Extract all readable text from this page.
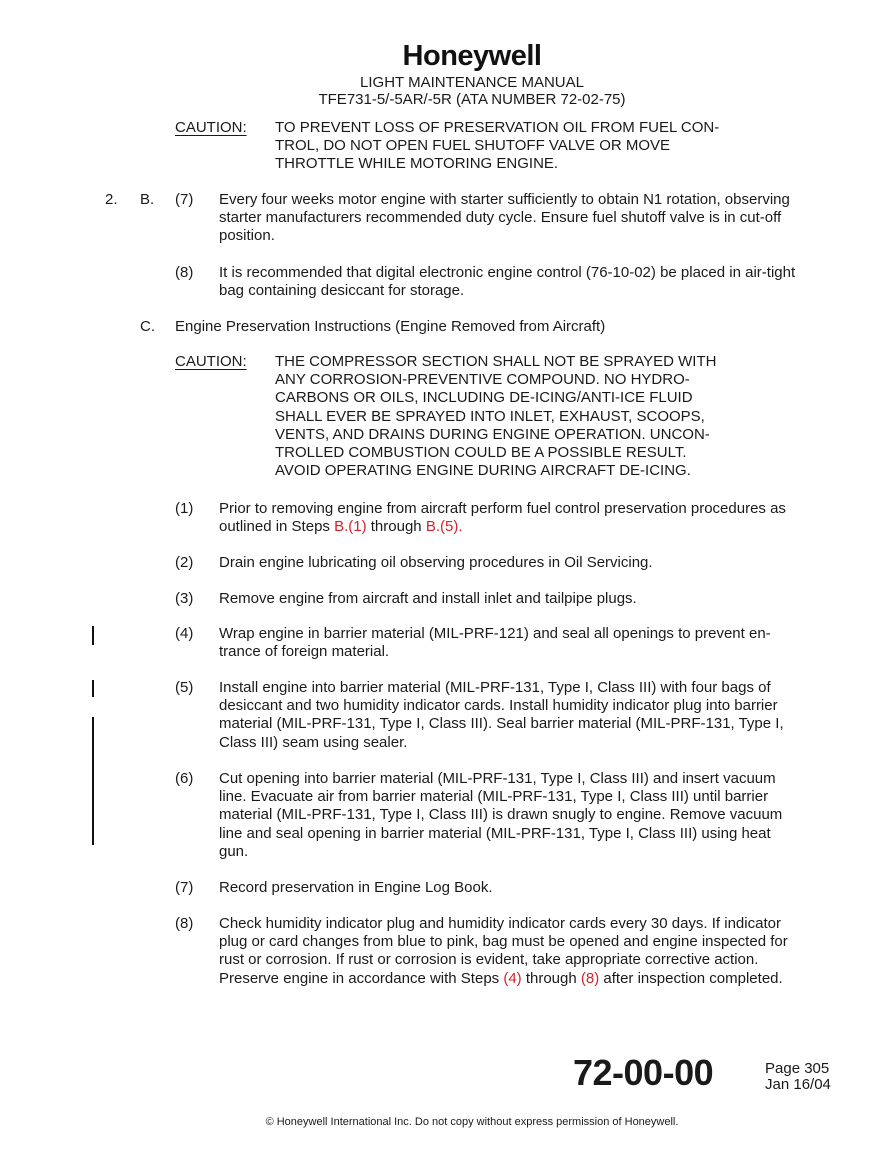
Honeywell
LIGHT MAINTENANCE MANUAL
TFE731-5/-5AR/-5R (ATA NUMBER 72-02-75)
CAUTION: TO PREVENT LOSS OF PRESERVATION OIL FROM FUEL CON-
TROL, DO NOT OPEN FUEL SHUTOFF VALVE OR MOVE
THROTTLE WHILE MOTORING ENGINE.
2. B. (7) Every four weeks motor engine with starter sufficiently to obtain N1 rotation, observing
starter manufacturers recommended duty cycle. Ensure fuel shutoff valve is in cut-off
position.
(8) It is recommended that digital electronic engine control (76-10-02) be placed in air-tight
bag containing desiccant for storage.
C. Engine Preservation Instructions (Engine Removed from Aircraft)
CAUTION: THE COMPRESSOR SECTION SHALL NOT BE SPRAYED WITH
ANY CORROSION-PREVENTIVE COMPOUND. NO HYDRO-
CARBONS OR OILS, INCLUDING DE-ICING/ANTI-ICE FLUID
SHALL EVER BE SPRAYED INTO INLET, EXHAUST, SCOOPS,
VENTS, AND DRAINS DURING ENGINE OPERATION. UNCON-
TROLLED COMBUSTION COULD BE A POSSIBLE RESULT.
AVOID OPERATING ENGINE DURING AIRCRAFT DE-ICING.
(1) Prior to removing engine from aircraft perform fuel control preservation procedures as
outlined in Steps B.(1) through B.(5).
(2) Drain engine lubricating oil observing procedures in Oil Servicing.
(3) Remove engine from aircraft and install inlet and tailpipe plugs.
(4) Wrap engine in barrier material (MIL-PRF-121) and seal all openings to prevent en-
trance of foreign material.
(5) Install engine into barrier material (MIL-PRF-131, Type I, Class III) with four bags of
desiccant and two humidity indicator cards. Install humidity indicator plug into barrier
material (MIL-PRF-131, Type I, Class III). Seal barrier material (MIL-PRF-131, Type I,
Class III) seam using sealer.
(6) Cut opening into barrier material (MIL-PRF-131, Type I, Class III) and insert vacuum
line. Evacuate air from barrier material (MIL-PRF-131, Type I, Class III) until barrier
material (MIL-PRF-131, Type I, Class III) is drawn snugly to engine. Remove vacuum
line and seal opening in barrier material (MIL-PRF-131, Type I, Class III) using heat
gun.
(7) Record preservation in Engine Log Book.
(8) Check humidity indicator plug and humidity indicator cards every 30 days. If indicator
plug or card changes from blue to pink, bag must be opened and engine inspected for
rust or corrosion. If rust or corrosion is evident, take appropriate corrective action.
Preserve engine in accordance with Steps (4) through (8) after inspection completed.
72-00-00	Page 305
Jan 16/04
© Honeywell International Inc. Do not copy without express permission of Honeywell.
